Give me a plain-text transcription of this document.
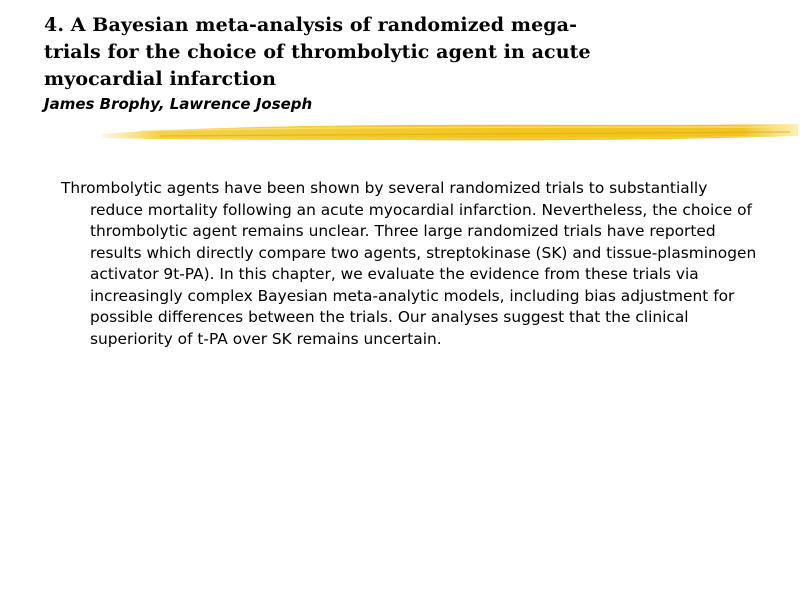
4. A Bayesian meta-analysis of randomized mega-
trials for the choice of thrombolytic agent in acute
myocardial infarction
James Brophy, Lawrence Joseph

Thrombolytic agents have been shown by several randomized trials to substantially reduce mortality following an acute myocardial infarction. Nevertheless, the choice of thrombolytic agent remains unclear. Three large randomized trials have reported results which directly compare two agents, streptokinase (SK) and tissue-plasminogen activator 9t-PA). In this chapter, we evaluate the evidence from these trials via increasingly complex Bayesian meta-analytic models, including bias adjustment for possible differences between the trials. Our analyses suggest that the clinical superiority of t-PA over SK remains uncertain.
